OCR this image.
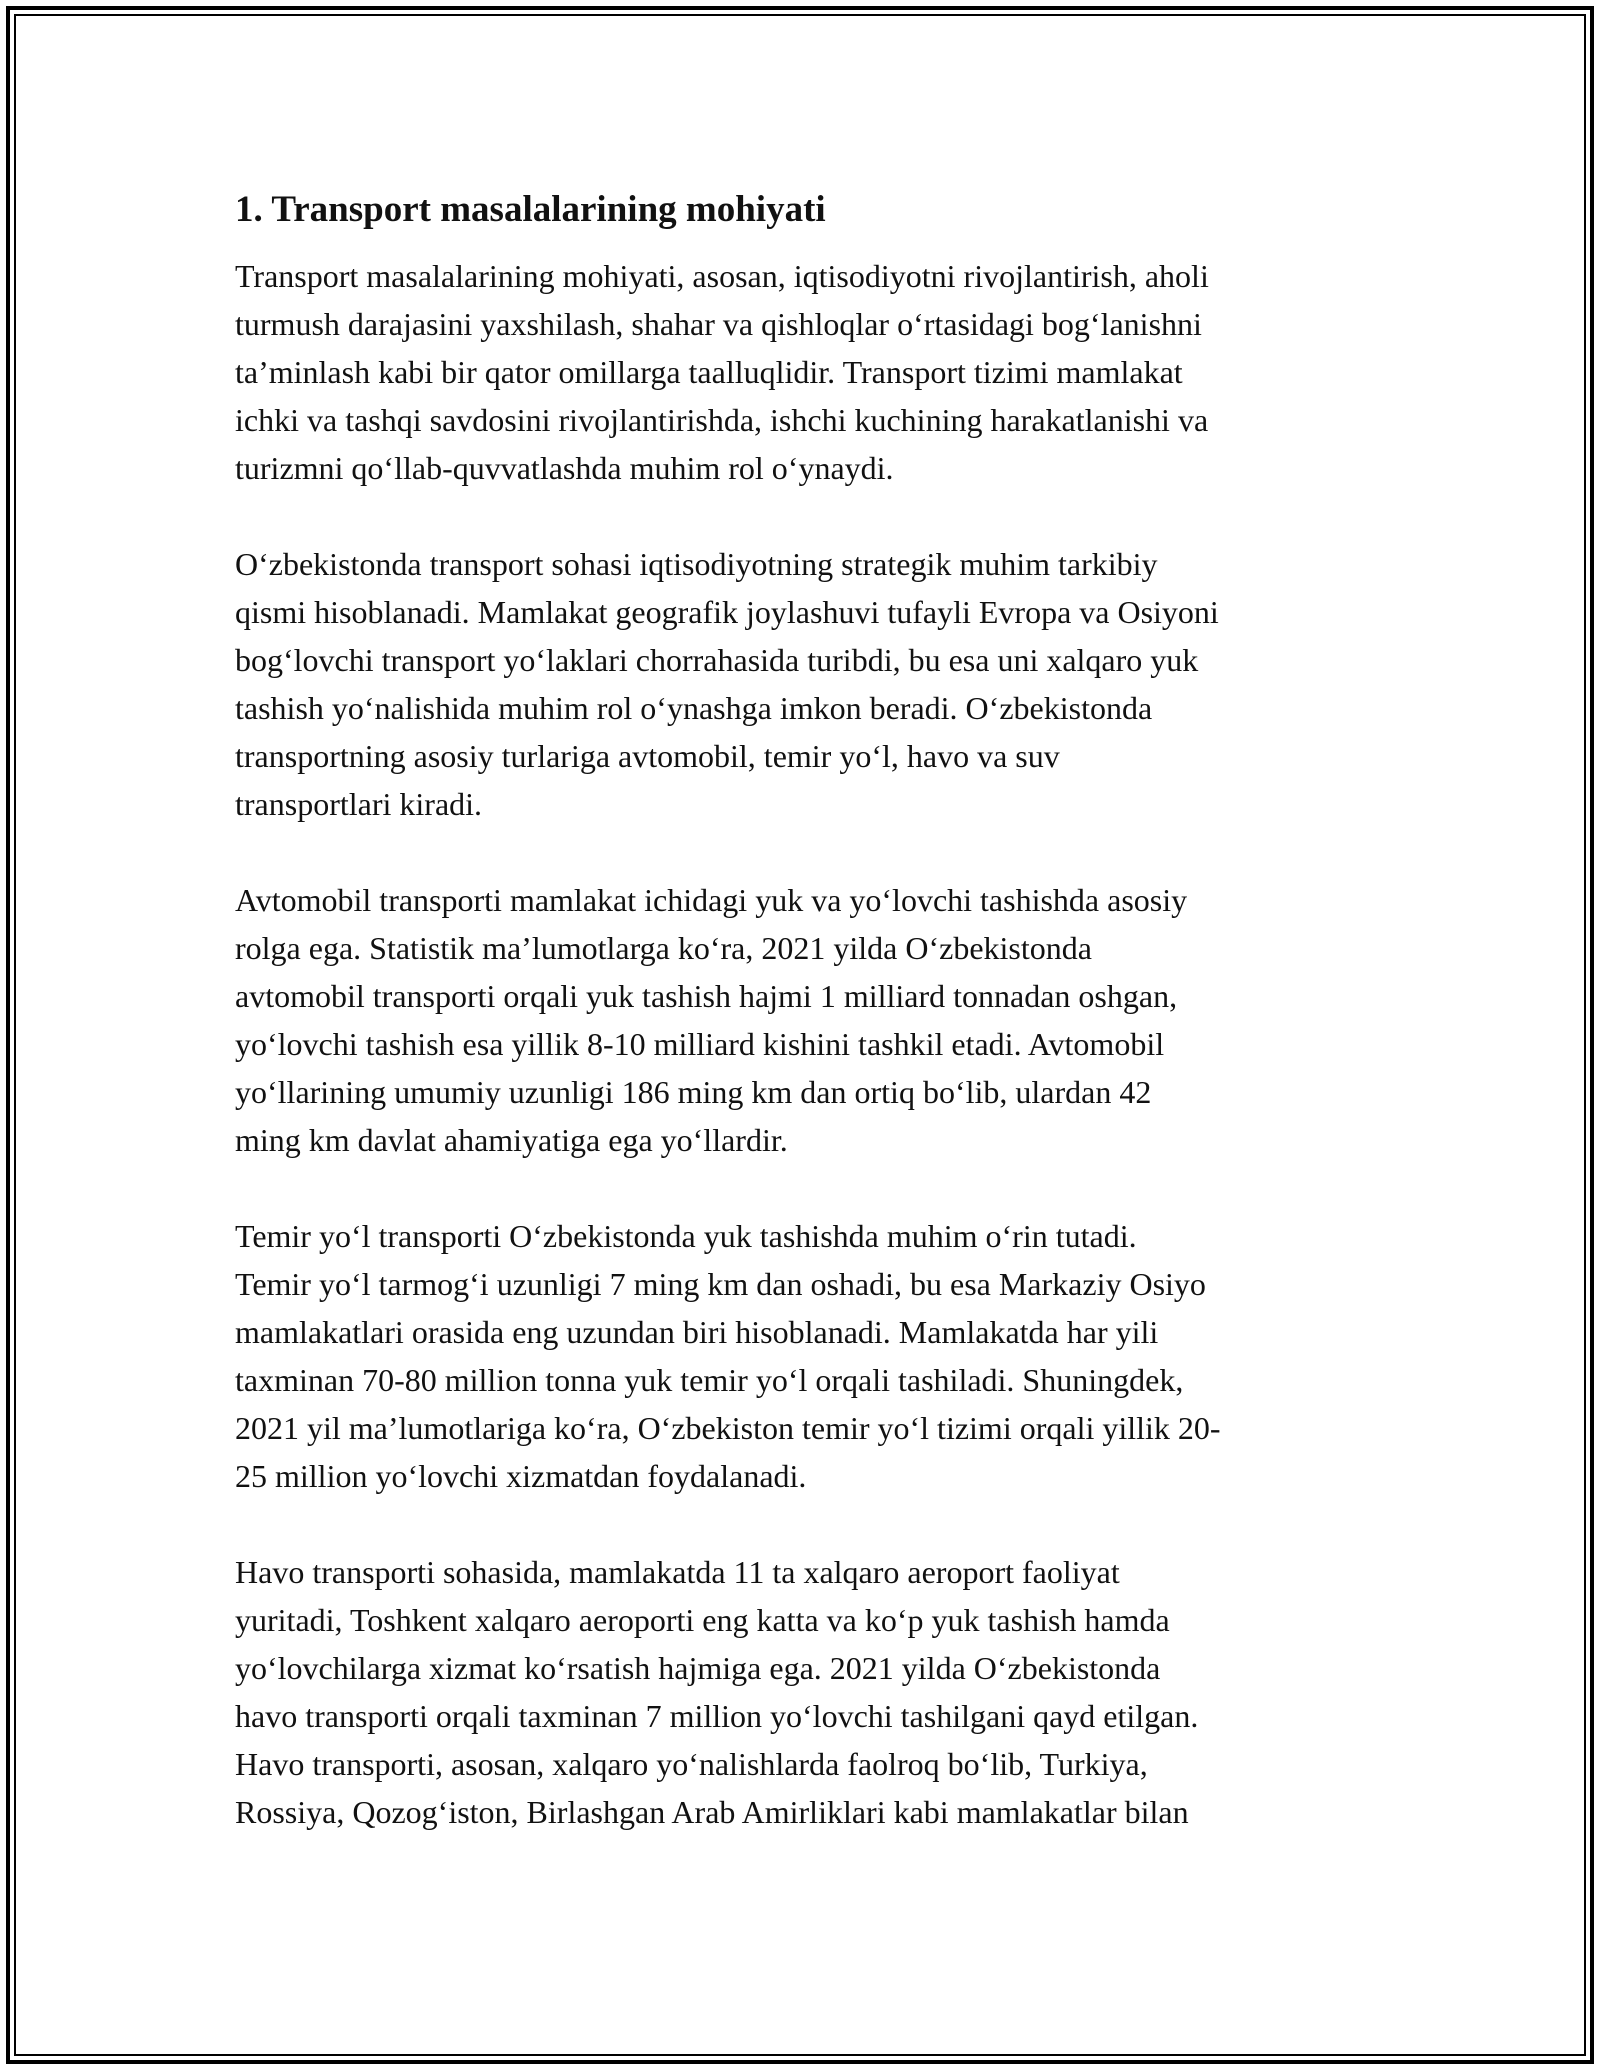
1. Transport masalalarining mohiyati

Transport masalalarining mohiyati, asosan, iqtisodiyotni rivojlantirish, aholi
turmush darajasini yaxshilash, shahar va qishloqlar oʻrtasidagi bogʻlanishni
ta’minlash kabi bir qator omillarga taalluqlidir. Transport tizimi mamlakat
ichki va tashqi savdosini rivojlantirishda, ishchi kuchining harakatlanishi va
turizmni qoʻllab-quvvatlashda muhim rol oʻynaydi.

Oʻzbekistonda transport sohasi iqtisodiyotning strategik muhim tarkibiy
qismi hisoblanadi. Mamlakat geografik joylashuvi tufayli Evropa va Osiyoni
bogʻlovchi transport yoʻlaklari chorrahasida turibdi, bu esa uni xalqaro yuk
tashish yoʻnalishida muhim rol oʻynashga imkon beradi. Oʻzbekistonda
transportning asosiy turlariga avtomobil, temir yoʻl, havo va suv
transportlari kiradi.

Avtomobil transporti mamlakat ichidagi yuk va yoʻlovchi tashishda asosiy
rolga ega. Statistik ma’lumotlarga koʻra, 2021 yilda Oʻzbekistonda
avtomobil transporti orqali yuk tashish hajmi 1 milliard tonnadan oshgan,
yoʻlovchi tashish esa yillik 8-10 milliard kishini tashkil etadi. Avtomobil
yoʻllarining umumiy uzunligi 186 ming km dan ortiq boʻlib, ulardan 42
ming km davlat ahamiyatiga ega yoʻllardir.

Temir yoʻl transporti Oʻzbekistonda yuk tashishda muhim oʻrin tutadi.
Temir yoʻl tarmogʻi uzunligi 7 ming km dan oshadi, bu esa Markaziy Osiyo
mamlakatlari orasida eng uzundan biri hisoblanadi. Mamlakatda har yili
taxminan 70-80 million tonna yuk temir yoʻl orqali tashiladi. Shuningdek,
2021 yil ma’lumotlariga koʻra, Oʻzbekiston temir yoʻl tizimi orqali yillik 20-
25 million yoʻlovchi xizmatdan foydalanadi.

Havo transporti sohasida, mamlakatda 11 ta xalqaro aeroport faoliyat
yuritadi, Toshkent xalqaro aeroporti eng katta va koʻp yuk tashish hamda
yoʻlovchilarga xizmat koʻrsatish hajmiga ega. 2021 yilda Oʻzbekistonda
havo transporti orqali taxminan 7 million yoʻlovchi tashilgani qayd etilgan.
Havo transporti, asosan, xalqaro yoʻnalishlarda faolroq boʻlib, Turkiya,
Rossiya, Qozogʻiston, Birlashgan Arab Amirliklari kabi mamlakatlar bilan
